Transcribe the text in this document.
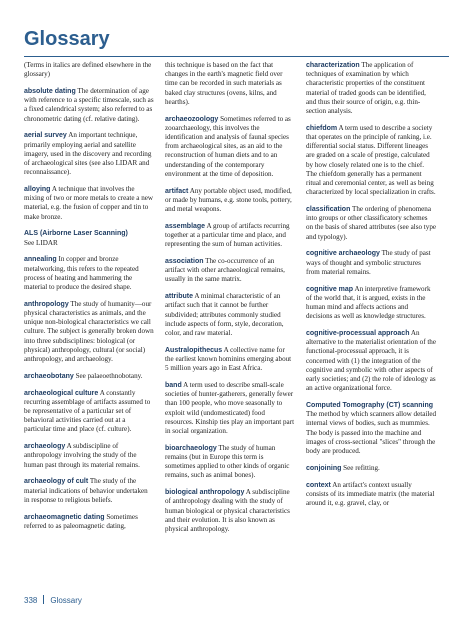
Glossary

(Terms in italics are defined elsewhere in the glossary)

absolute dating The determination of age with reference to a specific timescale, such as a fixed calendrical system; also referred to as chronometric dating (cf. relative dating).

aerial survey An important technique, primarily employing aerial and satellite imagery, used in the discovery and recording of archaeological sites (see also LIDAR and reconnaissance).

alloying A technique that involves the mixing of two or more metals to create a new material, e.g. the fusion of copper and tin to make bronze.

ALS (Airborne Laser Scanning)
See LIDAR

annealing In copper and bronze metalworking, this refers to the repeated process of heating and hammering the material to produce the desired shape.

anthropology The study of humanity—our physical characteristics as animals, and the unique non-biological characteristics we call culture. The subject is generally broken down into three subdisciplines: biological (or physical) anthropology, cultural (or social) anthropology, and archaeology.

archaeobotany See palaeoethnobotany.

archaeological culture A constantly recurring assemblage of artifacts assumed to be representative of a particular set of behavioral activities carried out at a particular time and place (cf. culture).

archaeology A subdiscipline of anthropology involving the study of the human past through its material remains.

archaeology of cult The study of the material indications of behavior undertaken in response to religious beliefs.

archaeomagnetic dating Sometimes referred to as paleomagnetic dating,

this technique is based on the fact that changes in the earth's magnetic field over time can be recorded in such materials as baked clay structures (ovens, kilns, and hearths).

archaeozoology Sometimes referred to as zooarchaeology, this involves the identification and analysis of faunal species from archaeological sites, as an aid to the reconstruction of human diets and to an understanding of the contemporary environment at the time of deposition.

artifact Any portable object used, modified, or made by humans, e.g. stone tools, pottery, and metal weapons.

assemblage A group of artifacts recurring together at a particular time and place, and representing the sum of human activities.

association The co-occurrence of an artifact with other archaeological remains, usually in the same matrix.

attribute A minimal characteristic of an artifact such that it cannot be further subdivided; attributes commonly studied include aspects of form, style, decoration, color, and raw material.

Australopithecus A collective name for the earliest known hominins emerging about 5 million years ago in East Africa.

band A term used to describe small-scale societies of hunter-gatherers, generally fewer than 100 people, who move seasonally to exploit wild (undomesticated) food resources. Kinship ties play an important part in social organization.

bioarchaeology The study of human remains (but in Europe this term is sometimes applied to other kinds of organic remains, such as animal bones).

biological anthropology A subdiscipline of anthropology dealing with the study of human biological or physical characteristics and their evolution. It is also known as physical anthropology.

characterization The application of techniques of examination by which characteristic properties of the constituent material of traded goods can be identified, and thus their source of origin, e.g. thin-section analysis.

chiefdom A term used to describe a society that operates on the principle of ranking, i.e. differential social status. Different lineages are graded on a scale of prestige, calculated by how closely related one is to the chief. The chiefdom generally has a permanent ritual and ceremonial center, as well as being characterized by local specialization in crafts.

classification The ordering of phenomena into groups or other classificatory schemes on the basis of shared attributes (see also type and typology).

cognitive archaeology The study of past ways of thought and symbolic structures from material remains.

cognitive map An interpretive framework of the world that, it is argued, exists in the human mind and affects actions and decisions as well as knowledge structures.

cognitive-processual approach An alternative to the materialist orientation of the functional-processual approach, it is concerned with (1) the integration of the cognitive and symbolic with other aspects of early societies; and (2) the role of ideology as an active organizational force.

Computed Tomography (CT) scanning The method by which scanners allow detailed internal views of bodies, such as mummies. The body is passed into the machine and images of cross-sectional "slices" through the body are produced.

conjoining See refitting.

context An artifact's context usually consists of its immediate matrix (the material around it, e.g. gravel, clay, or

338 Glossary
